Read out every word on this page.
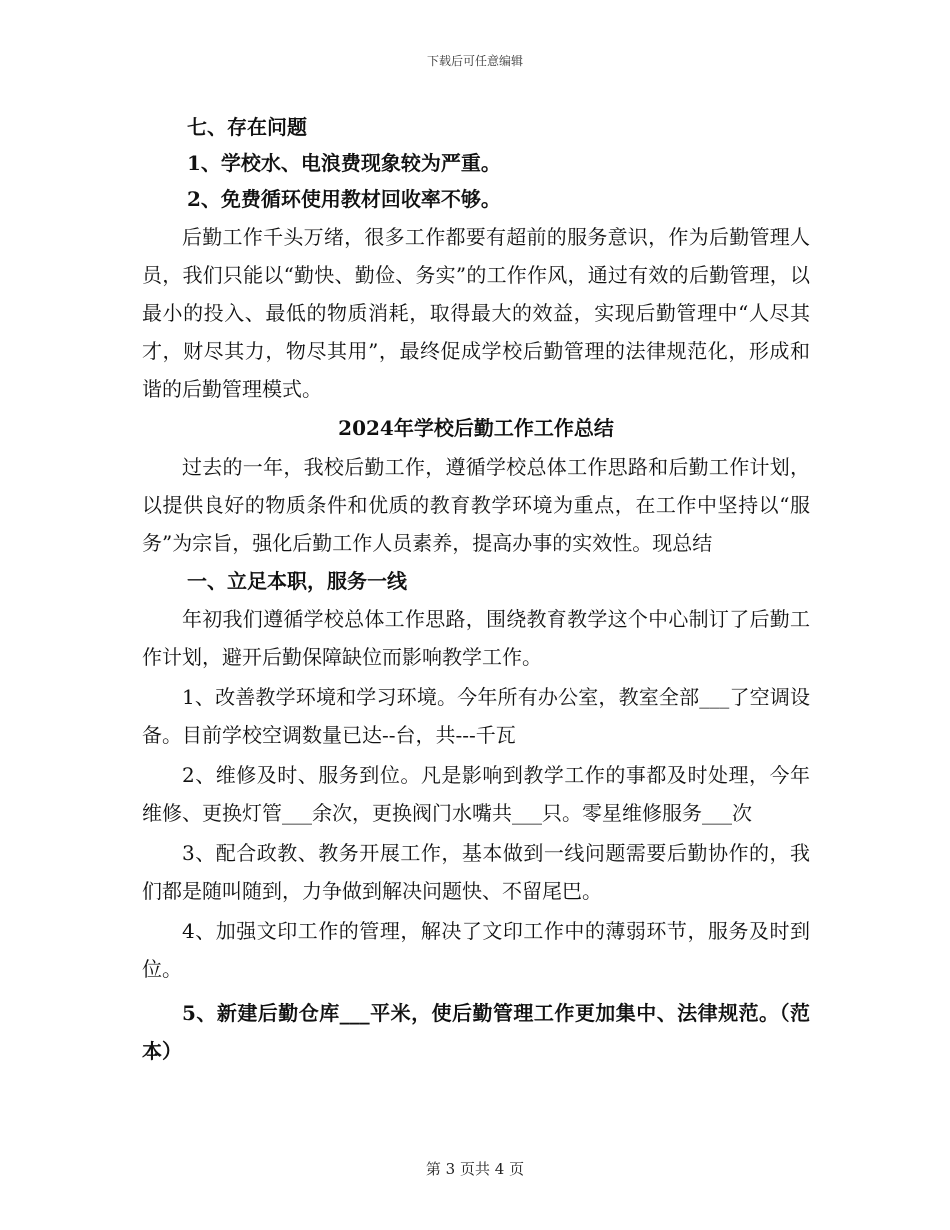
下载后可任意编辑
七、存在问题
1、学校水、电浪费现象较为严重。
2、免费循环使用教材回收率不够。

后勤工作千头万绪，很多工作都要有超前的服务意识，作为后勤管理人员，我们只能以“勤快、勤俭、务实”的工作作风，通过有效的后勤管理，以最小的投入、最低的物质消耗，取得最大的效益，实现后勤管理中“人尽其才，财尽其力，物尽其用”，最终促成学校后勤管理的法律规范化，形成和谐的后勤管理模式。

2024年学校后勤工作工作总结

过去的一年，我校后勤工作，遵循学校总体工作思路和后勤工作计划，以提供良好的物质条件和优质的教育教学环境为重点，在工作中坚持以“服务”为宗旨，强化后勤工作人员素养，提高办事的实效性。现总结

一、立足本职，服务一线

年初我们遵循学校总体工作思路，围绕教育教学这个中心制订了后勤工作计划，避开后勤保障缺位而影响教学工作。

1、改善教学环境和学习环境。今年所有办公室，教室全部___了空调设备。目前学校空调数量已达--台，共---千瓦

2、维修及时、服务到位。凡是影响到教学工作的事都及时处理，今年维修、更换灯管___余次，更换阀门水嘴共___只。零星维修服务___次

3、配合政教、教务开展工作，基本做到一线问题需要后勤协作的，我们都是随叫随到，力争做到解决问题快、不留尾巴。

4、加强文印工作的管理，解决了文印工作中的薄弱环节，服务及时到位。

5、新建后勤仓库___平米，使后勤管理工作更加集中、法律规范。（范本）

第 3 页共 4 页
